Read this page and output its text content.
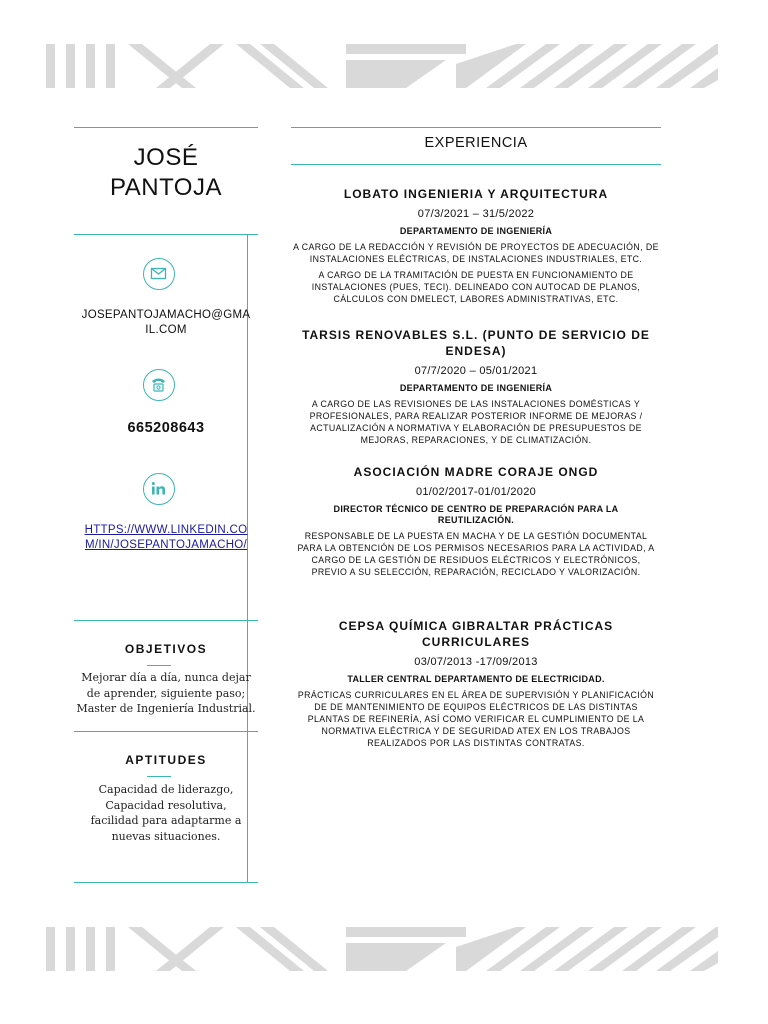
JOSÉ
PANTOJA
JOSEPANTOJAMACHO@GMA
IL.COM
665208643
HTTPS://WWW.LINKEDIN.CO
M/IN/JOSEPANTOJAMACHO/
OBJETIVOS
Mejorar día a día, nunca dejar de aprender, siguiente paso; Master de Ingeniería Industrial.
APTITUDES
Capacidad de liderazgo, Capacidad resolutiva, facilidad para adaptarme a nuevas situaciones.
EXPERIENCIA
LOBATO INGENIERIA Y ARQUITECTURA
07/3/2021 – 31/5/2022
DEPARTAMENTO DE INGENIERÍA
A CARGO DE LA REDACCIÓN Y REVISIÓN DE PROYECTOS DE ADECUACIÓN, DE INSTALACIONES ELÉCTRICAS, DE INSTALACIONES INDUSTRIALES, ETC.
A CARGO DE LA TRAMITACIÓN DE PUESTA EN FUNCIONAMIENTO DE INSTALACIONES (PUES, TECI). DELINEADO CON AUTOCAD DE PLANOS, CÁLCULOS CON DMELECT, LABORES ADMINISTRATIVAS, ETC.
TARSIS RENOVABLES S.L. (PUNTO DE SERVICIO DE ENDESA)
07/7/2020 – 05/01/2021
DEPARTAMENTO DE INGENIERÍA
A CARGO DE LAS REVISIONES DE LAS INSTALACIONES DOMÉSTICAS Y PROFESIONALES, PARA REALIZAR POSTERIOR INFORME DE MEJORAS / ACTUALIZACIÓN A NORMATIVA Y ELABORACIÓN DE PRESUPUESTOS DE MEJORAS, REPARACIONES, Y DE CLIMATIZACIÓN.
ASOCIACIÓN MADRE CORAJE ONGD
01/02/2017-01/01/2020
DIRECTOR TÉCNICO DE CENTRO DE PREPARACIÓN PARA LA REUTILIZACIÓN.
RESPONSABLE DE LA PUESTA EN MACHA Y DE LA GESTIÓN DOCUMENTAL PARA LA OBTENCIÓN DE LOS PERMISOS NECESARIOS PARA LA ACTIVIDAD, A CARGO DE LA GESTIÓN DE RESIDUOS ELÉCTRICOS Y ELECTRÓNICOS, PREVIO A SU SELECCIÓN, REPARACIÓN, RECICLADO Y VALORIZACIÓN.
CEPSA QUÍMICA GIBRALTAR PRÁCTICAS CURRICULARES
03/07/2013 -17/09/2013
TALLER CENTRAL DEPARTAMENTO DE ELECTRICIDAD.
PRÁCTICAS CURRICULARES EN EL ÁREA DE SUPERVISIÓN Y PLANIFICACIÓN DE DE MANTENIMIENTO DE EQUIPOS ELÉCTRICOS DE LAS DISTINTAS PLANTAS DE REFINERÍA, ASÍ COMO VERIFICAR EL CUMPLIMIENTO DE LA NORMATIVA ELÉCTRICA Y DE SEGURIDAD ATEX EN LOS TRABAJOS REALIZADOS POR LAS DISTINTAS CONTRATAS.
